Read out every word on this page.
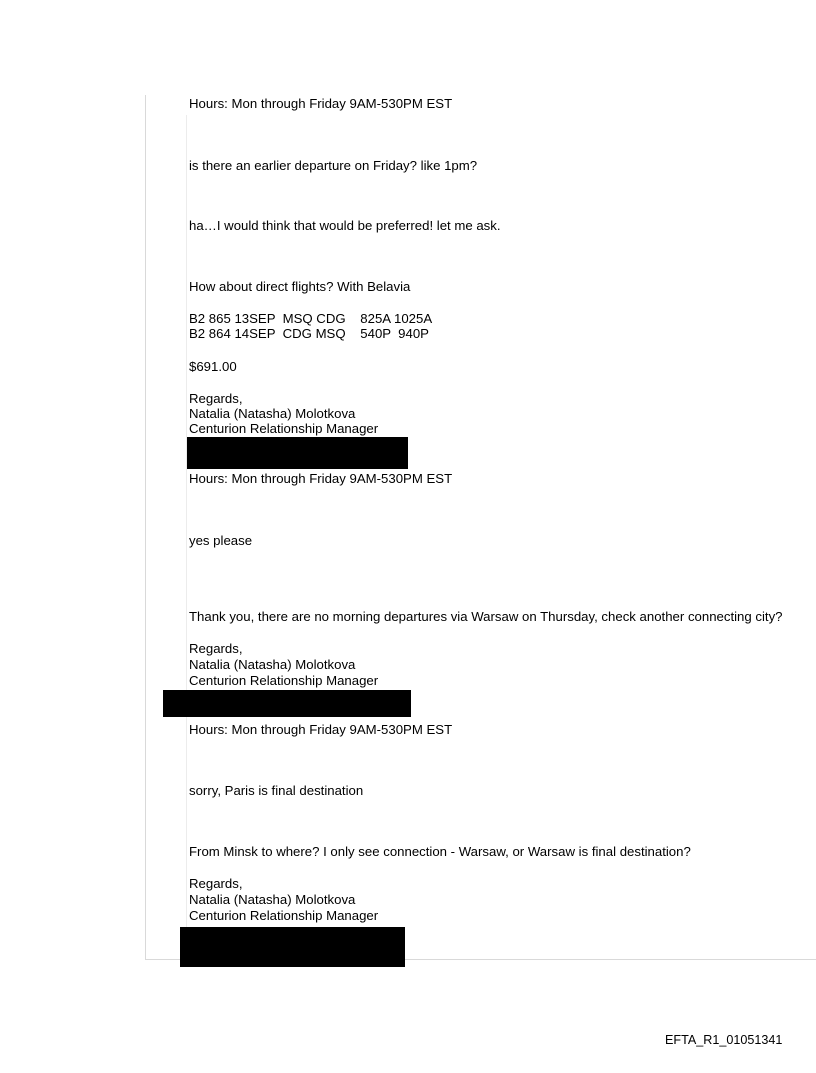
Hours: Mon through Friday 9AM-530PM EST
is there an earlier departure on Friday? like 1pm?
ha…I would think that would be preferred! let me ask.
How about direct flights? With Belavia
B2 865 13SEP  MSQ CDG    825A 1025A
B2 864 14SEP  CDG MSQ    540P  940P
$691.00
Regards,
Natalia (Natasha) Molotkova
Centurion Relationship Manager
Hours: Mon through Friday 9AM-530PM EST
yes please
Thank you, there are no morning departures via Warsaw on Thursday, check another connecting city?
Regards,
Natalia (Natasha) Molotkova
Centurion Relationship Manager
Hours: Mon through Friday 9AM-530PM EST
sorry, Paris is final destination
From Minsk to where? I only see connection - Warsaw, or Warsaw is final destination?
Regards,
Natalia (Natasha) Molotkova
Centurion Relationship Manager
EFTA_R1_01051341
